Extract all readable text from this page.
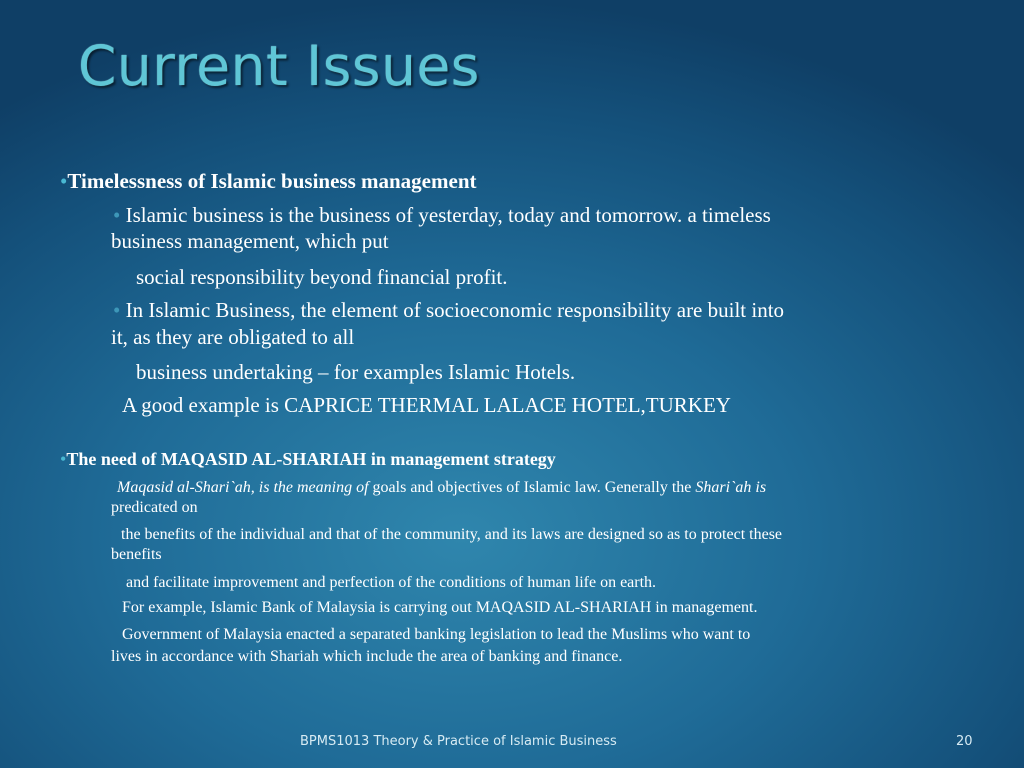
Current Issues
•Timelessness of Islamic business management
• Islamic business is the business of yesterday, today and tomorrow. a timeless
business management, which put
social responsibility beyond financial profit.
• In Islamic Business, the element of socioeconomic responsibility are built into
it, as they are obligated to all
business undertaking – for examples Islamic Hotels.
A good example is CAPRICE THERMAL LALACE HOTEL,TURKEY
•The need of MAQASID AL-SHARIAH in management strategy
Maqasid al-Shari`ah, is the meaning of goals and objectives of Islamic law. Generally the Shari`ah is
predicated on
the benefits of the individual and that of the community, and its laws are designed so as to protect these
benefits
and facilitate improvement and perfection of the conditions of human life on earth.
For example, Islamic Bank of Malaysia is carrying out MAQASID AL-SHARIAH in management.
Government of Malaysia enacted a separated banking legislation to lead the Muslims who want to
lives in accordance with Shariah which include the area of banking and finance.
BPMS1013 Theory & Practice of Islamic Business	20
